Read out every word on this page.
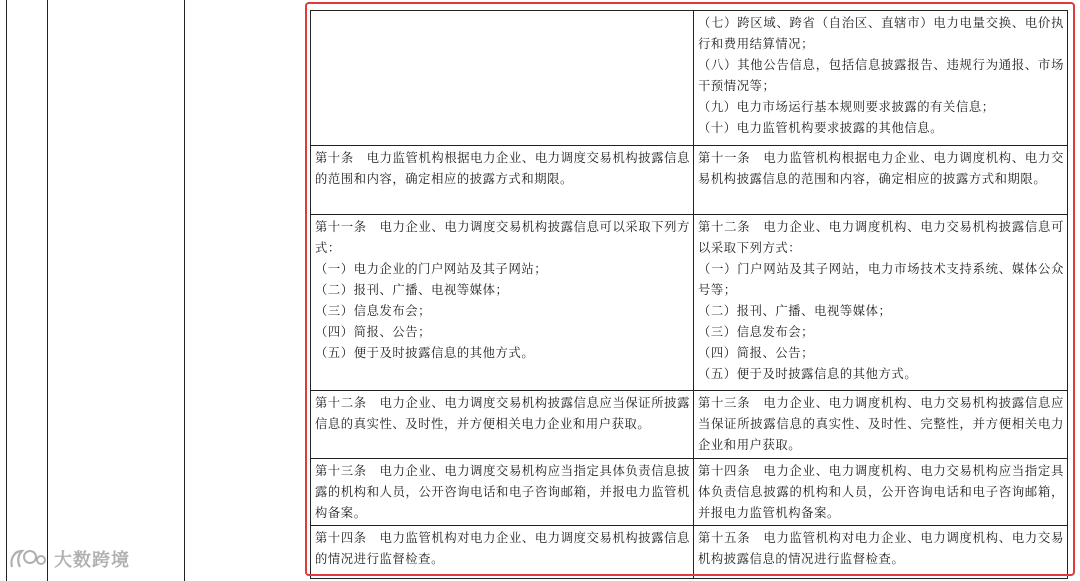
（七）跨区域、跨省（自治区、直辖市）电力电量交换、电价执行和费用结算情况；
（八）其他公告信息，包括信息披露报告、违规行为通报、市场干预情况等；
（九）电力市场运行基本规则要求披露的有关信息；
（十）电力监管机构要求披露的其他信息。
第十条　电力监管机构根据电力企业、电力调度交易机构披露信息的范围和内容，确定相应的披露方式和期限。
第十一条　电力监管机构根据电力企业、电力调度机构、电力交易机构披露信息的范围和内容，确定相应的披露方式和期限。
第十一条　电力企业、电力调度交易机构披露信息可以采取下列方式：
（一）电力企业的门户网站及其子网站；
（二）报刊、广播、电视等媒体；
（三）信息发布会；
（四）简报、公告；
（五）便于及时披露信息的其他方式。
第十二条　电力企业、电力调度机构、电力交易机构披露信息可以采取下列方式：
（一）门户网站及其子网站，电力市场技术支持系统、媒体公众号等；
（二）报刊、广播、电视等媒体；
（三）信息发布会；
（四）简报、公告；
（五）便于及时披露信息的其他方式。
第十二条　电力企业、电力调度交易机构披露信息应当保证所披露信息的真实性、及时性，并方便相关电力企业和用户获取。
第十三条　电力企业、电力调度机构、电力交易机构披露信息应当保证所披露信息的真实性、及时性、完整性，并方便相关电力企业和用户获取。
第十三条　电力企业、电力调度交易机构应当指定具体负责信息披露的机构和人员，公开咨询电话和电子咨询邮箱，并报电力监管机构备案。
第十四条　电力企业、电力调度机构、电力交易机构应当指定具体负责信息披露的机构和人员，公开咨询电话和电子咨询邮箱，并报电力监管机构备案。
第十四条　电力监管机构对电力企业、电力调度交易机构披露信息的情况进行监督检查。
第十五条　电力监管机构对电力企业、电力调度机构、电力交易机构披露信息的情况进行监督检查。
大数跨境
